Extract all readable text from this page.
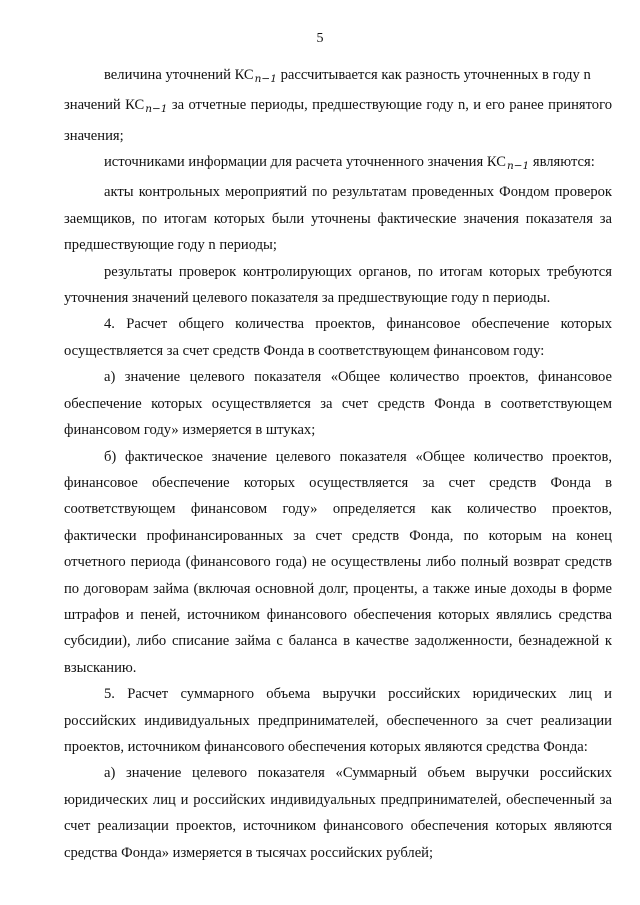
5

величина уточнений $КС_{n-1}$ рассчитывается как разность уточненных в году n

значений $КС_{n-1}$ за отчетные периоды, предшествующие году n, и его ранее принятого значения;

источниками информации для расчета уточненного значения $КС_{n-1}$ являются:

акты контрольных мероприятий по результатам проведенных Фондом проверок заемщиков, по итогам которых были уточнены фактические значения показателя за предшествующие году n периоды;

результаты проверок контролирующих органов, по итогам которых требуются уточнения значений целевого показателя за предшествующие году n периоды.

4. Расчет общего количества проектов, финансовое обеспечение которых осуществляется за счет средств Фонда в соответствующем финансовом году:

а) значение целевого показателя «Общее количество проектов, финансовое обеспечение которых осуществляется за счет средств Фонда в соответствующем финансовом году» измеряется в штуках;

б) фактическое значение целевого показателя «Общее количество проектов, финансовое обеспечение которых осуществляется за счет средств Фонда в соответствующем финансовом году» определяется как количество проектов, фактически профинансированных за счет средств Фонда, по которым на конец отчетного периода (финансового года) не осуществлены либо полный возврат средств по договорам займа (включая основной долг, проценты, а также иные доходы в форме штрафов и пеней, источником финансового обеспечения которых являлись средства субсидии), либо списание займа с баланса в качестве задолженности, безнадежной к взысканию.

5. Расчет суммарного объема выручки российских юридических лиц и российских индивидуальных предпринимателей, обеспеченного за счет реализации проектов, источником финансового обеспечения которых являются средства Фонда:

а) значение целевого показателя «Суммарный объем выручки российских юридических лиц и российских индивидуальных предпринимателей, обеспеченный за счет реализации проектов, источником финансового обеспечения которых являются средства Фонда» измеряется в тысячах российских рублей;
